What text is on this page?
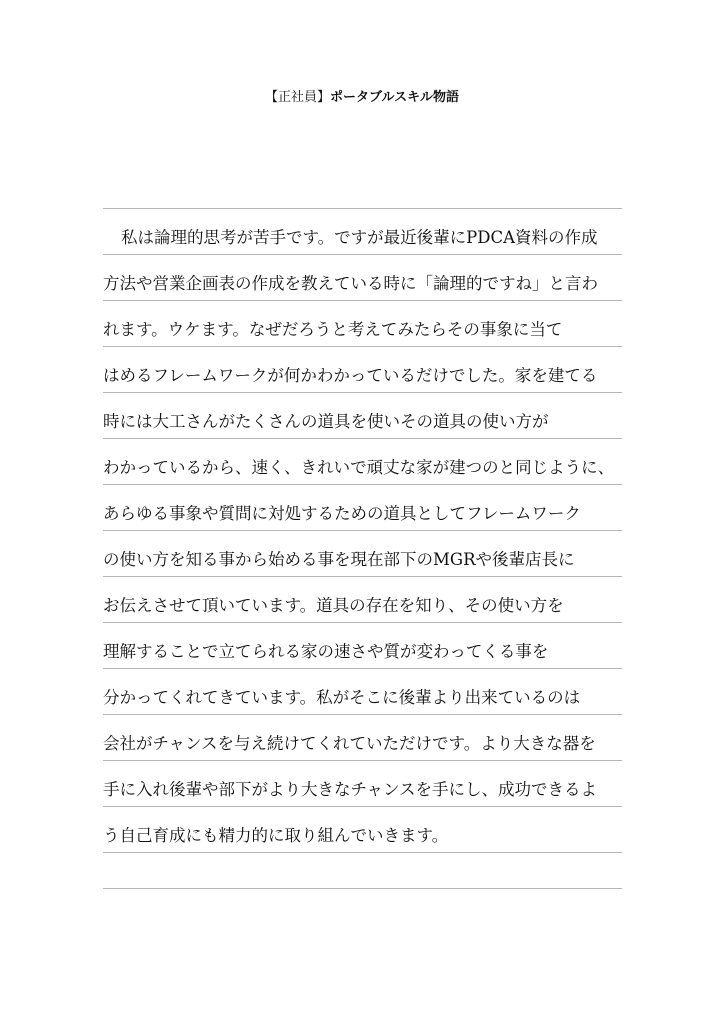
【正社員】ポータブルスキル物語
私は論理的思考が苦手です。ですが最近後輩にPDCA資料の作成
方法や営業企画表の作成を教えている時に「論理的ですね」と言わ
れます。ウケます。なぜだろうと考えてみたらその事象に当て
はめるフレームワークが何かわかっているだけでした。家を建てる
時には大工さんがたくさんの道具を使いその道具の使い方が
わかっているから、速く、きれいで頑丈な家が建つのと同じように、
あらゆる事象や質問に対処するための道具としてフレームワーク
の使い方を知る事から始める事を現在部下のMGRや後輩店長に
お伝えさせて頂いています。道具の存在を知り、その使い方を
理解することで立てられる家の速さや質が変わってくる事を
分かってくれてきています。私がそこに後輩より出来ているのは
会社がチャンスを与え続けてくれていただけです。より大きな器を
手に入れ後輩や部下がより大きなチャンスを手にし、成功できるよ
う自己育成にも精力的に取り組んでいきます。
